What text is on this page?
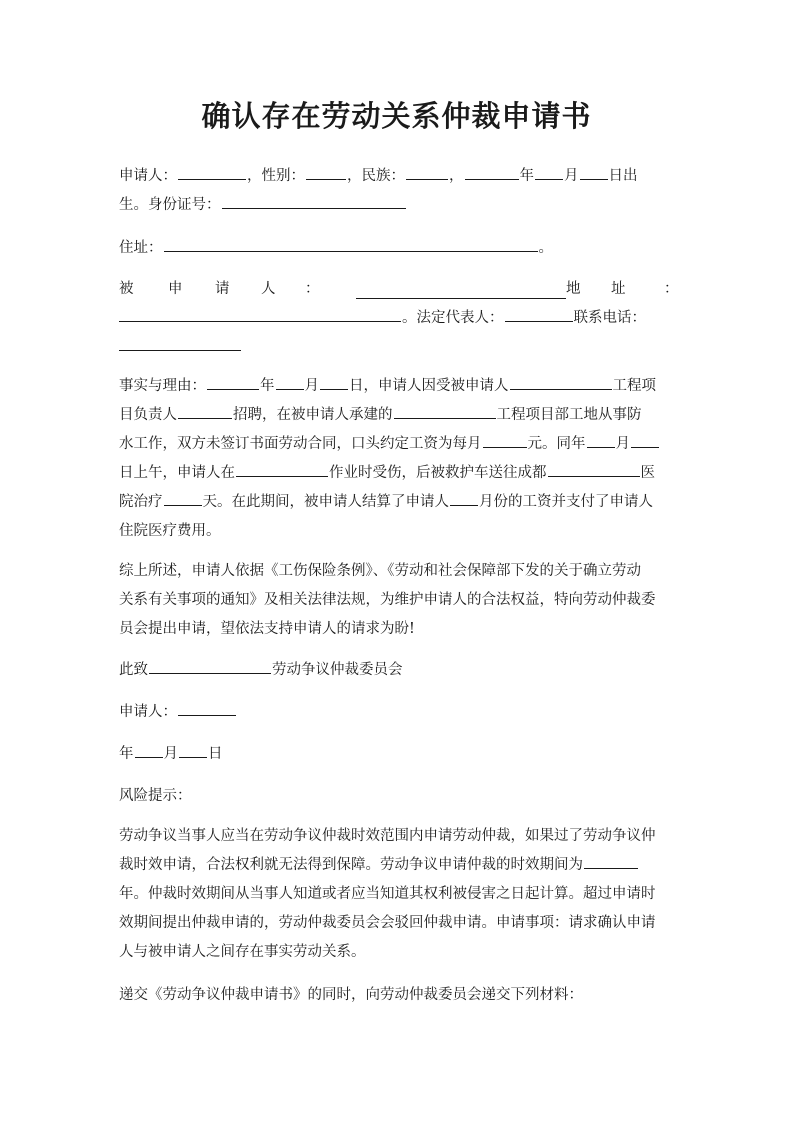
确认存在劳动关系仲裁申请书
申请人：	，性别：	，民族：	，	年 月 日出
生。身份证号：
住址：	。
被 申 请 人 ：	地 址	：
。法定代表人：	联系电话：
事实与理由：	年 月 日，申请人因受被申请人	工程项
目负责人	招聘，在被申请人承建的	工程项目部工地从事防
水工作，双方未签订书面劳动合同，口头约定工资为每月	元。同年 月
日上午，申请人在	作业时受伤，后被救护车送往成都	医
院治疗	天。在此期间，被申请人结算了申请人 月份的工资并支付了申请人
住院医疗费用。
综上所述，申请人依据《工伤保险条例》、《劳动和社会保障部下发的关于确立劳动
关系有关事项的通知》及相关法律法规，为维护申请人的合法权益，特向劳动仲裁委
员会提出申请，望依法支持申请人的请求为盼!
此致	劳动争议仲裁委员会
申请人：
年 月 日
风险提示：
劳动争议当事人应当在劳动争议仲裁时效范围内申请劳动仲裁，如果过了劳动争议仲
裁时效申请，合法权利就无法得到保障。劳动争议申请仲裁的时效期间为
年。仲裁时效期间从当事人知道或者应当知道其权利被侵害之日起计算。超过申请时
效期间提出仲裁申请的，劳动仲裁委员会会驳回仲裁申请。申请事项：请求确认申请
人与被申请人之间存在事实劳动关系。
递交《劳动争议仲裁申请书》的同时，向劳动仲裁委员会递交下列材料：
